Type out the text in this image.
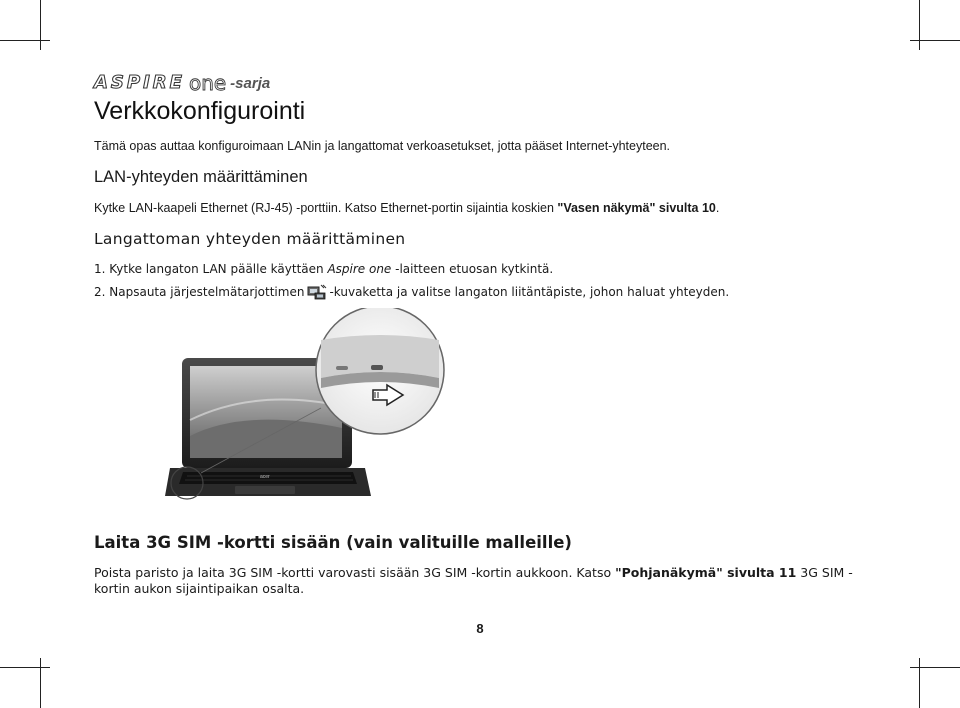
ASPIRE one -sarja
Verkkokonfigurointi
Tämä opas auttaa konfiguroimaan LANin ja langattomat verkoasetukset, jotta pääset Internet-yhteyteen.
LAN-yhteyden määrittäminen
Kytke LAN-kaapeli Ethernet (RJ-45) -porttiin. Katso Ethernet-portin sijaintia koskien "Vasen näkymä" sivulta 10.
Langattoman yhteyden määrittäminen
1. Kytke langaton LAN päälle käyttäen Aspire one -laitteen etuosan kytkintä.
2. Napsauta järjestelmätarjottimen -kuvaketta ja valitse langaton liitäntäpiste, johon haluat yhteyden.
acer
Laita 3G SIM -kortti sisään (vain valituille malleille)
Poista paristo ja laita 3G SIM -kortti varovasti sisään 3G SIM -kortin aukkoon. Katso "Pohjanäkymä" sivulta 11 3G SIM -kortin aukon sijaintipaikan osalta.
8
